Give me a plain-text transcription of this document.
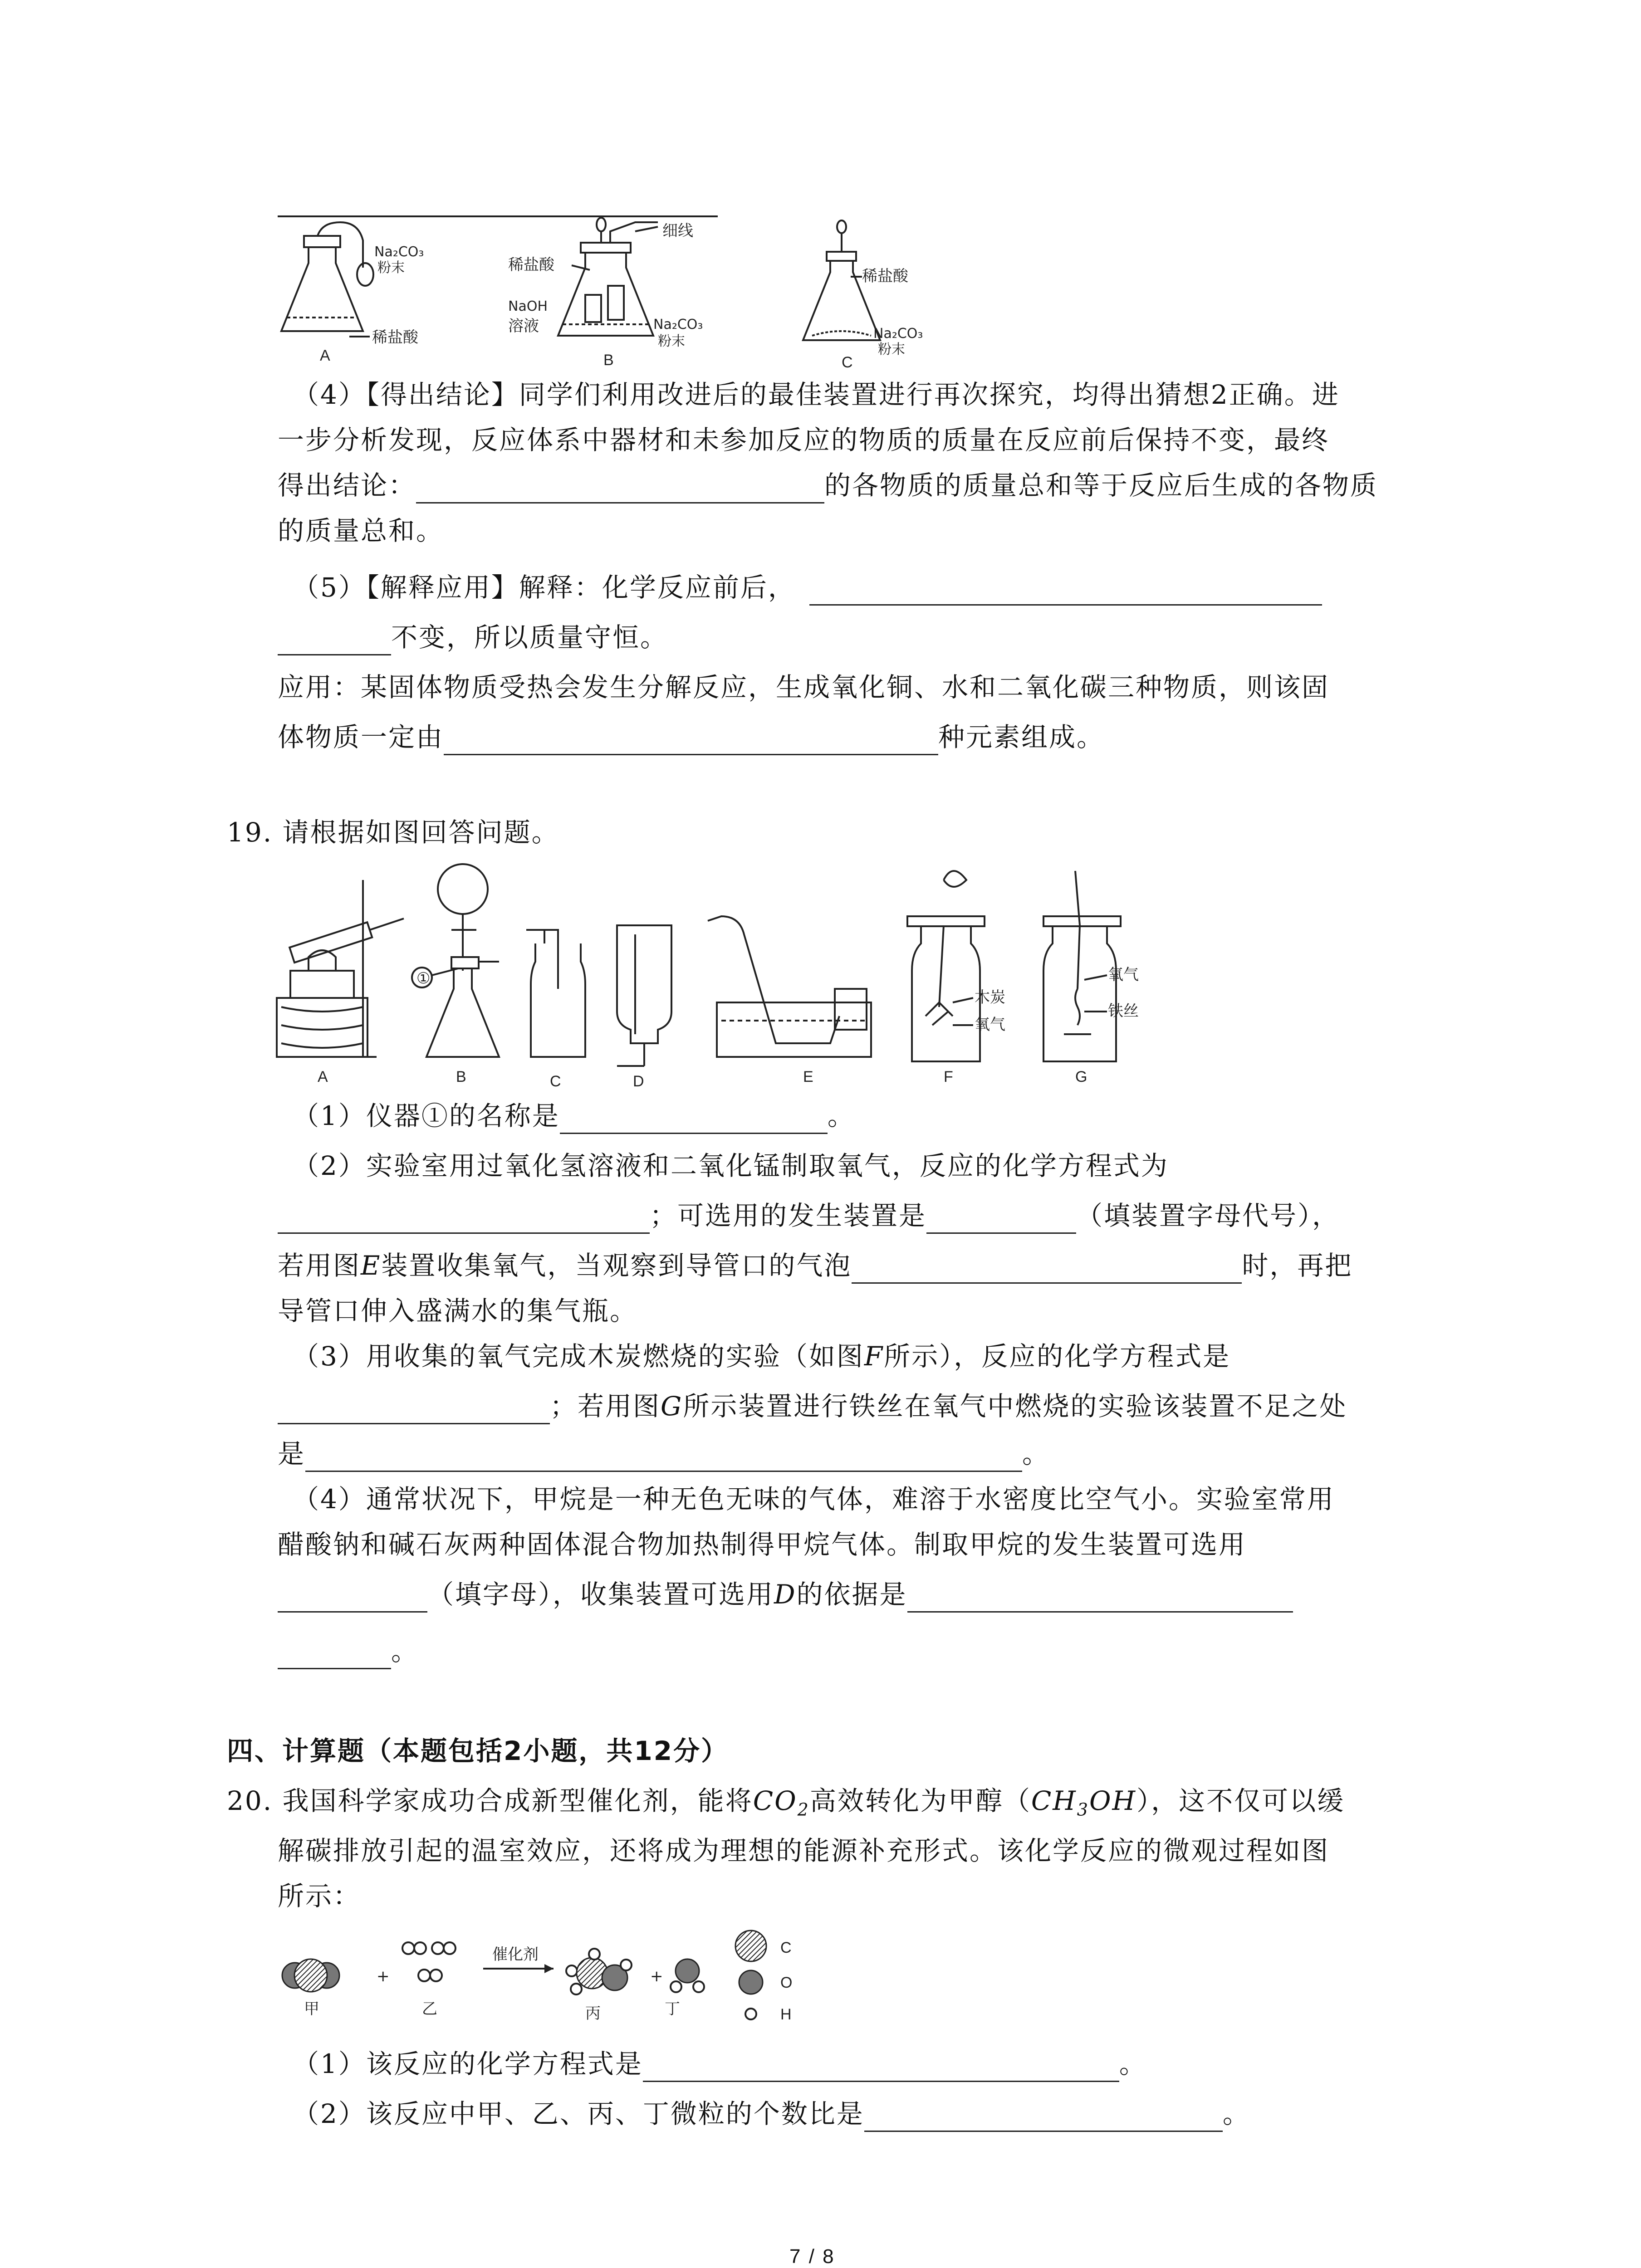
Na₂CO₃
粉末
稀盐酸
A
细线
稀盐酸
NaOH
溶液	Na₂CO₃
粉末
B
稀盐酸
Na₂CO₃
粉末
C
（4）【得出结论】同学们利用改进后的最佳装置进行再次探究，均得出猜想2正确。进
一步分析发现，反应体系中器材和未参加反应的物质的质量在反应前后保持不变，最终
得出结论：	的各物质的质量总和等于反应后生成的各物质
的质量总和。
（5）【解释应用】解释：化学反应前后，
不变，所以质量守恒。
应用：某固体物质受热会发生分解反应，生成氧化铜、水和二氧化碳三种物质，则该固
体物质一定由	种元素组成。
19. 请根据如图回答问题。
A
①
B	C	D	E
木炭
氧气
F
氧气
铁丝
G
（1）仪器①的名称是	。
（2）实验室用过氧化氢溶液和二氧化锰制取氧气，反应的化学方程式为
；可选用的发生装置是	（填装置字母代号），
若用图E装置收集氧气，当观察到导管口的气泡	时，再把
导管口伸入盛满水的集气瓶。
（3）用收集的氧气完成木炭燃烧的实验（如图F所示），反应的化学方程式是
；若用图G所示装置进行铁丝在氧气中燃烧的实验该装置不足之处
是	。
（4）通常状况下，甲烷是一种无色无味的气体，难溶于水密度比空气小。实验室常用
醋酸钠和碱石灰两种固体混合物加热制得甲烷气体。制取甲烷的发生装置可选用
（填字母），收集装置可选用D的依据是
。
四、计算题（本题包括2小题，共12分）
20. 我国科学家成功合成新型催化剂，能将$CO_2$高效转化为甲醇$(CH_3OH)$，这不仅可以缓
解碳排放引起的温室效应，还将成为理想的能源补充形式。该化学反应的微观过程如图
所示：
甲
+
乙
催化剂
丙
+
丁
C
O
H
（1）该反应的化学方程式是	。
（2）该反应中甲、乙、丙、丁微粒的个数比是	。
7 / 8
